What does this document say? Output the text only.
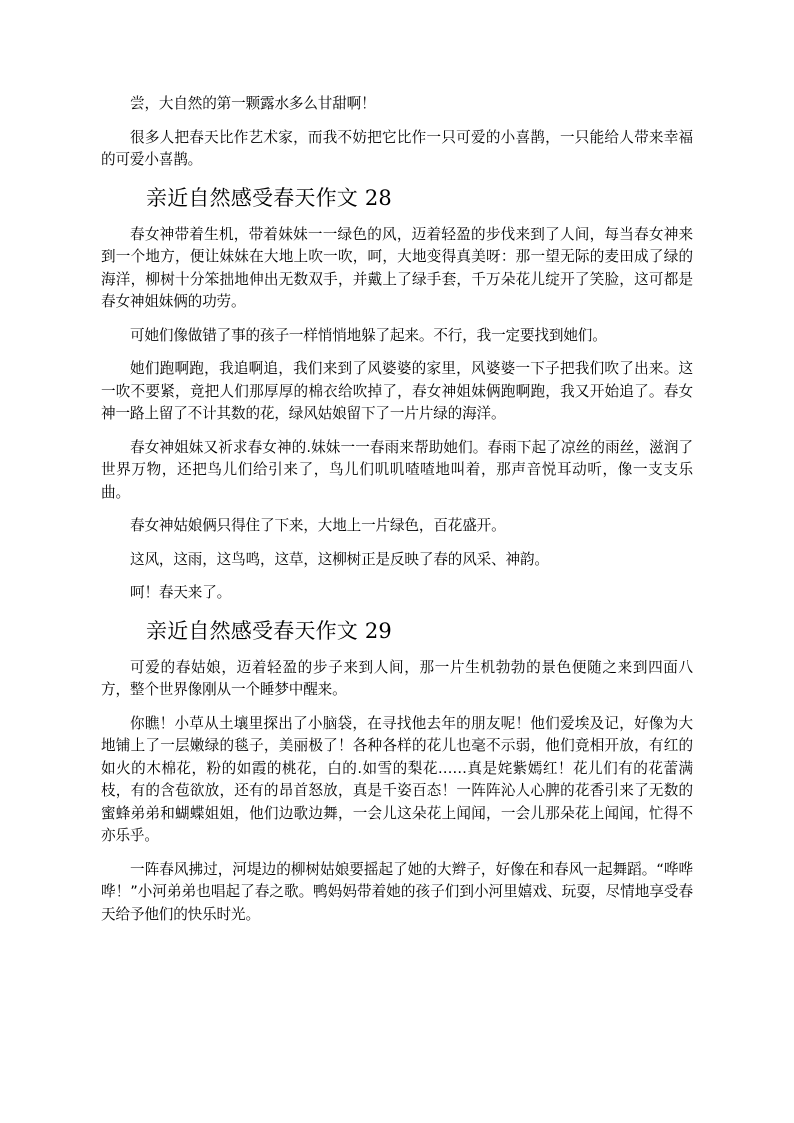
尝，大自然的第一颗露水多么甘甜啊！

很多人把春天比作艺术家，而我不妨把它比作一只可爱的小喜鹊，一只能给人带来幸福的可爱小喜鹊。

亲近自然感受春天作文 28

春女神带着生机，带着妹妹一一绿色的风，迈着轻盈的步伐来到了人间，每当春女神来到一个地方，便让妹妹在大地上吹一吹，呵，大地变得真美呀：那一望无际的麦田成了绿的海洋，柳树十分笨拙地伸出无数双手，并戴上了绿手套，千万朵花儿绽开了笑脸，这可都是春女神姐妹俩的功劳。

可她们像做错了事的孩子一样悄悄地躲了起来。不行，我一定要找到她们。

她们跑啊跑，我追啊追，我们来到了风婆婆的家里，风婆婆一下子把我们吹了出来。这一吹不要紧，竟把人们那厚厚的棉衣给吹掉了，春女神姐妹俩跑啊跑，我又开始追了。春女神一路上留了不计其数的花，绿风姑娘留下了一片片绿的海洋。

春女神姐妹又祈求春女神的.妹妹一一春雨来帮助她们。春雨下起了凉丝的雨丝，滋润了世界万物，还把鸟儿们给引来了，鸟儿们叽叽喳喳地叫着，那声音悦耳动听，像一支支乐曲。

春女神姑娘俩只得住了下来，大地上一片绿色，百花盛开。

这风，这雨，这鸟鸣，这草，这柳树正是反映了春的风采、神韵。

呵！春天来了。

亲近自然感受春天作文 29

可爱的春姑娘，迈着轻盈的步子来到人间，那一片生机勃勃的景色便随之来到四面八方，整个世界像刚从一个睡梦中醒来。

你瞧！小草从土壤里探出了小脑袋，在寻找他去年的朋友呢！他们爱埃及记，好像为大地铺上了一层嫩绿的毯子，美丽极了！各种各样的花儿也毫不示弱，他们竟相开放，有红的如火的木棉花，粉的如霞的桃花，白的.如雪的梨花……真是姹紫嫣红！花儿们有的花蕾满枝，有的含苞欲放，还有的昂首怒放，真是千姿百态！一阵阵沁人心脾的花香引来了无数的蜜蜂弟弟和蝴蝶姐姐，他们边歌边舞，一会儿这朵花上闻闻，一会儿那朵花上闻闻，忙得不亦乐乎。

一阵春风拂过，河堤边的柳树姑娘要摇起了她的大辫子，好像在和春风一起舞蹈。“哗哗哗！”小河弟弟也唱起了春之歌。鸭妈妈带着她的孩子们到小河里嬉戏、玩耍，尽情地享受春天给予他们的快乐时光。
